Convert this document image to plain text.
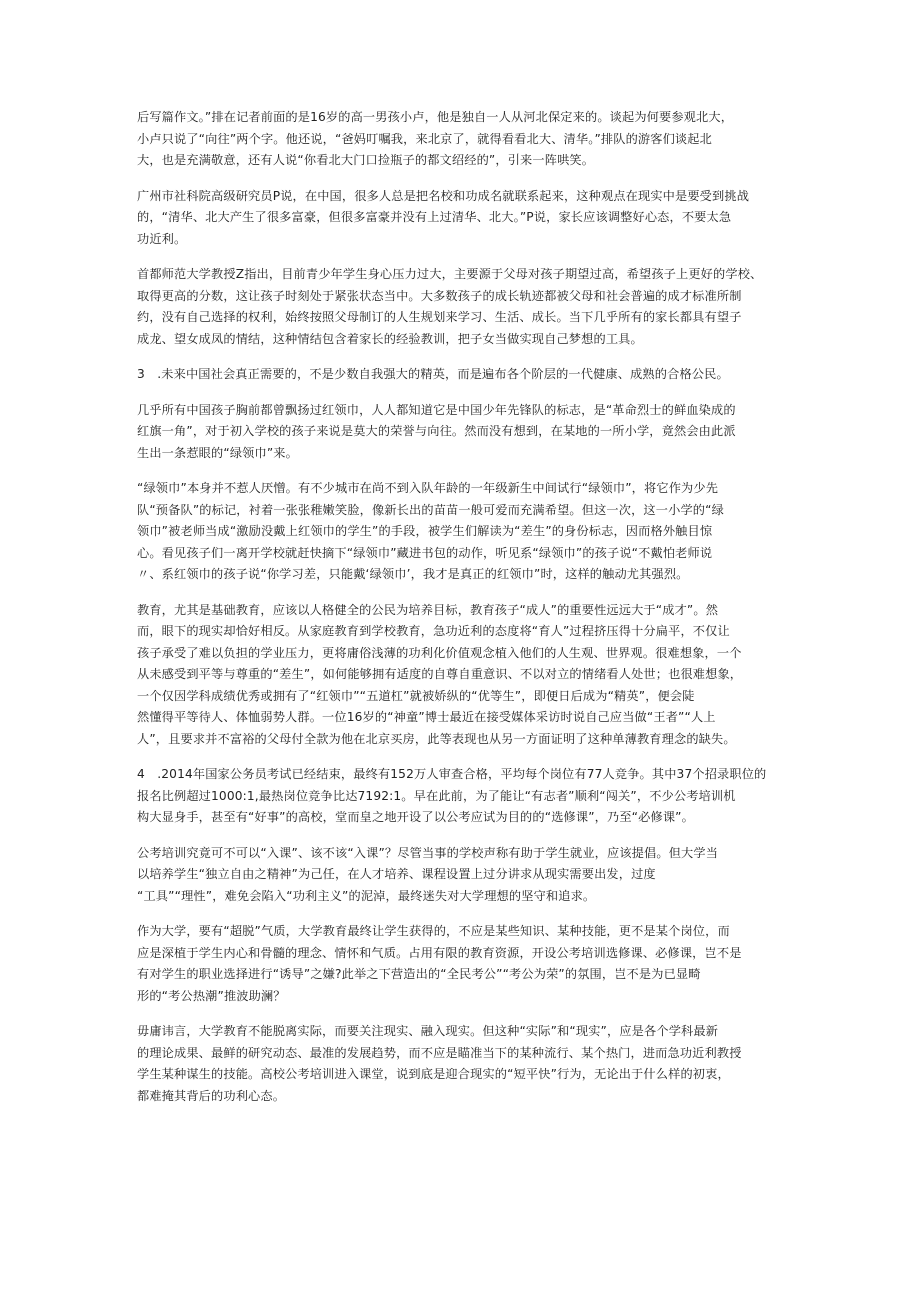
后写篇作文。”排在记者前面的是16岁的高一男孩小卢，他是独自一人从河北保定来的。谈起为何要参观北大，
小卢只说了“向往”两个字。他还说，“爸妈叮嘱我，来北京了，就得看看北大、清华。”排队的游客们谈起北
大，也是充满敬意，还有人说“你看北大门口捡瓶子的都文绍经的”，引来一阵哄笑。
广州市社科院高级研究员P说，在中国，很多人总是把名校和功成名就联系起来，这种观点在现实中是要受到挑战
的，“清华、北大产生了很多富豪，但很多富豪并没有上过清华、北大。”P说，家长应该调整好心态，不要太急
功近利。
首都师范大学教授Z指出，目前青少年学生身心压力过大，主要源于父母对孩子期望过高，希望孩子上更好的学校、
取得更高的分数，这让孩子时刻处于紧张状态当中。大多数孩子的成长轨迹都被父母和社会普遍的成才标准所制
约，没有自己选择的权利，始终按照父母制订的人生规划来学习、生活、成长。当下几乎所有的家长都具有望子
成龙、望女成凤的情结，这种情结包含着家长的经验教训，把子女当做实现自己梦想的工具。
3　.未来中国社会真正需要的，不是少数自我强大的精英，而是遍布各个阶层的一代健康、成熟的合格公民。
几乎所有中国孩子胸前都曾飘扬过红领巾，人人都知道它是中国少年先锋队的标志，是“革命烈士的鲜血染成的
红旗一角”，对于初入学校的孩子来说是莫大的荣誉与向往。然而没有想到，在某地的一所小学，竟然会由此派
生出一条惹眼的“绿领巾”来。
“绿领巾”本身并不惹人厌憎。有不少城市在尚不到入队年龄的一年级新生中间试行“绿领巾”，将它作为少先
队“预备队”的标记，衬着一张张稚嫩笑脸，像新长出的苗苗一般可爱而充满希望。但这一次，这一小学的“绿
领巾”被老师当成“激励没戴上红领巾的学生”的手段，被学生们解读为“差生”的身份标志，因而格外触目惊
心。看见孩子们一离开学校就赶快摘下“绿领巾”藏进书包的动作，听见系“绿领巾”的孩子说“不戴怕老师说
〃、系红领巾的孩子说“你学习差，只能戴‘绿领巾’，我才是真正的红领巾”时，这样的触动尤其强烈。
教育，尤其是基础教育，应该以人格健全的公民为培养目标，教育孩子“成人”的重要性远远大于“成才”。然
而，眼下的现实却恰好相反。从家庭教育到学校教育，急功近利的态度将“育人”过程挤压得十分扁平，不仅让
孩子承受了难以负担的学业压力，更将庸俗浅薄的功利化价值观念植入他们的人生观、世界观。很难想象，一个
从未感受到平等与尊重的“差生”，如何能够拥有适度的自尊自重意识、不以对立的情绪看人处世；也很难想象，
一个仅因学科成绩优秀或拥有了“红领巾”“五道杠”就被娇纵的“优等生”，即便日后成为“精英”，便会陡
然懂得平等待人、体恤弱势人群。一位16岁的“神童”博士最近在接受媒体采访时说自己应当做“王者”“人上
人”，且要求并不富裕的父母付全款为他在北京买房，此等表现也从另一方面证明了这种单薄教育理念的缺失。
4　.2014年国家公务员考试已经结束，最终有152万人审查合格，平均每个岗位有77人竞争。其中37个招录职位的
报名比例超过1000:1,最热岗位竞争比达7192:1。早在此前，为了能让“有志者”顺利“闯关”，不少公考培训机
构大显身手，甚至有“好事”的高校，堂而皇之地开设了以公考应试为目的的“选修课”，乃至“必修课”。
公考培训究竟可不可以“入课”、该不该“入课”？尽管当事的学校声称有助于学生就业，应该提倡。但大学当
以培养学生“独立自由之精神”为己任，在人才培养、课程设置上过分讲求从现实需要出发，过度
“工具”“理性”，难免会陷入“功利主义”的泥淖，最终迷失对大学理想的坚守和追求。
作为大学，要有“超脱”气质，大学教育最终让学生获得的，不应是某些知识、某种技能，更不是某个岗位，而
应是深植于学生内心和骨髓的理念、情怀和气质。占用有限的教育资源，开设公考培训选修课、必修课，岂不是
有对学生的职业选择进行“诱导”之嫌?此举之下营造出的“全民考公”“考公为荣”的氛围，岂不是为已显畸
形的“考公热潮”推波助澜？
毋庸讳言，大学教育不能脱离实际，而要关注现实、融入现实。但这种“实际”和“现实”，应是各个学科最新
的理论成果、最鲜的研究动态、最准的发展趋势，而不应是瞄准当下的某种流行、某个热门，进而急功近利教授
学生某种谋生的技能。高校公考培训进入课堂，说到底是迎合现实的“短平快”行为，无论出于什么样的初衷，
都难掩其背后的功利心态。
